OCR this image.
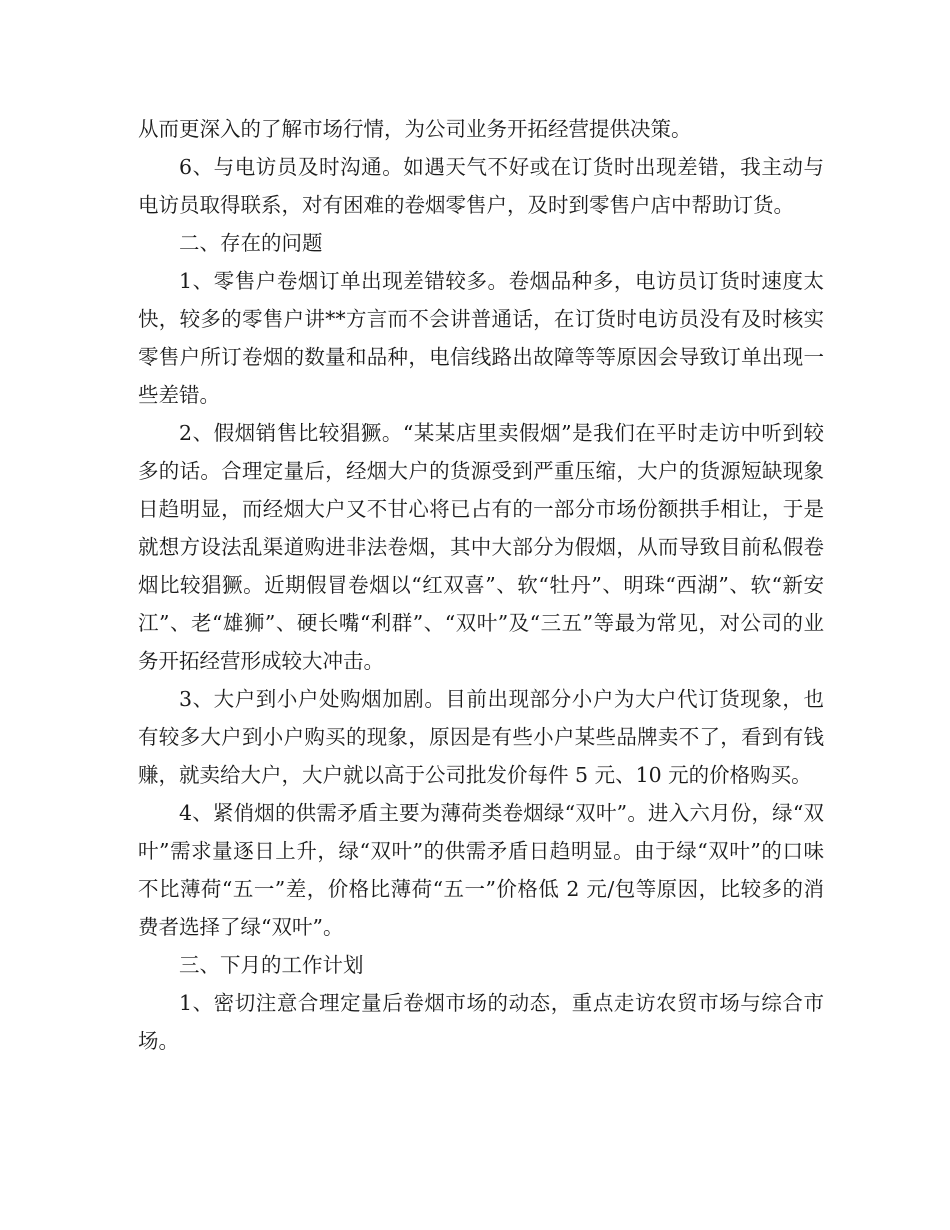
从而更深入的了解市场行情，为公司业务开拓经营提供决策。

6、与电访员及时沟通。如遇天气不好或在订货时出现差错，我主动与电访员取得联系，对有困难的卷烟零售户，及时到零售户店中帮助订货。

二、存在的问题

1、零售户卷烟订单出现差错较多。卷烟品种多，电访员订货时速度太快，较多的零售户讲**方言而不会讲普通话，在订货时电访员没有及时核实零售户所订卷烟的数量和品种，电信线路出故障等等原因会导致订单出现一些差错。

2、假烟销售比较猖獗。“某某店里卖假烟”是我们在平时走访中听到较多的话。合理定量后，经烟大户的货源受到严重压缩，大户的货源短缺现象日趋明显，而经烟大户又不甘心将已占有的一部分市场份额拱手相让，于是就想方设法乱渠道购进非法卷烟，其中大部分为假烟，从而导致目前私假卷烟比较猖獗。近期假冒卷烟以“红双喜”、软“牡丹”、明珠“西湖”、软“新安江”、老“雄狮”、硬长嘴“利群”、“双叶”及“三五”等最为常见，对公司的业务开拓经营形成较大冲击。

3、大户到小户处购烟加剧。目前出现部分小户为大户代订货现象，也有较多大户到小户购买的现象，原因是有些小户某些品牌卖不了，看到有钱赚，就卖给大户，大户就以高于公司批发价每件 5 元、10 元的价格购买。

4、紧俏烟的供需矛盾主要为薄荷类卷烟绿“双叶”。进入六月份，绿“双叶”需求量逐日上升，绿“双叶”的供需矛盾日趋明显。由于绿“双叶”的口味不比薄荷“五一”差，价格比薄荷“五一”价格低 2 元/包等原因，比较多的消费者选择了绿“双叶”。

三、下月的工作计划

1、密切注意合理定量后卷烟市场的动态，重点走访农贸市场与综合市场。
